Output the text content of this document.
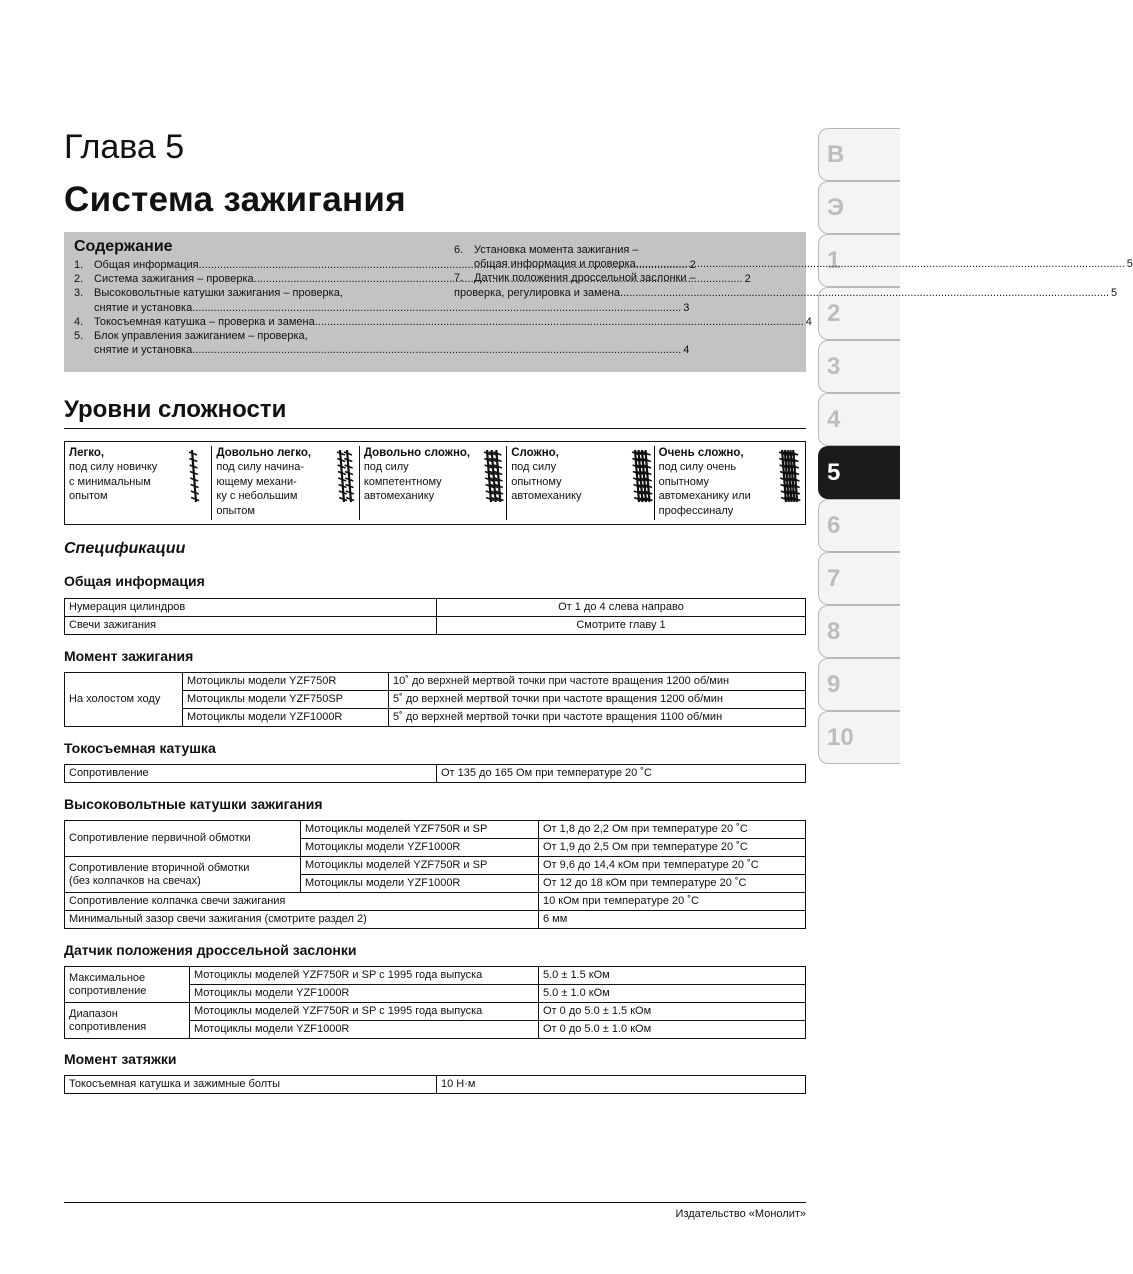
В
Э
1
2
3
4
5
6
7
8
9
10
Глава 5
Система зажигания
Содержание
1. Общая информация .....	2
2. Система зажигания – проверка .....	2
3. Высоковольтные катушки зажигания – проверка,
снятие и установка .....	3
4. Токосъемная катушка – проверка и замена .....	4
5. Блок управления зажиганием – проверка,
снятие и установка .....	4
6. Установка момента зажигания –
общая информация и проверка .....	5
7. Датчик положения дроссельной заслонки –
проверка, регулировка и замена .....	5
Уровни сложности
Легко,
под силу новичку
с минимальным
опытом
Довольно легко,
под силу начина-
ющему механи-
ку с небольшим
опытом
Довольно сложно,
под силу
компетентному
автомеханику
Сложно,
под силу
опытному
автомеханику
Очень сложно,
под силу очень
опытному
автомеханику или
профессиналу
Спецификации
Общая информация
Нумерация цилиндров	От 1 до 4 слева направо
Свечи зажигания	Смотрите главу 1
Момент зажигания
На холостом ходу	Мотоциклы модели YZF750R	10˚ до верхней мертвой точки при частоте вращения 1200 об/мин
	Мотоциклы модели YZF750SP	5˚ до верхней мертвой точки при частоте вращения 1200 об/мин
	Мотоциклы модели YZF1000R	5˚ до верхней мертвой точки при частоте вращения 1100 об/мин
Токосъемная катушка
Сопротивление	От 135 до 165 Ом при температуре 20 ˚С
Высоковольтные катушки зажигания
Сопротивление первичной обмотки	Мотоциклы моделей YZF750R и SP	От 1,8 до 2,2 Ом при температуре 20 ˚С
	Мотоциклы модели YZF1000R	От 1,9 до 2,5 Ом при температуре 20 ˚С
Сопротивление вторичной обмотки
(без колпачков на свечах)	Мотоциклы моделей YZF750R и SP	От 9,6 до 14,4 кОм при температуре 20 ˚С
	Мотоциклы модели YZF1000R	От 12 до 18 кОм при температуре 20 ˚С
Сопротивление колпачка свечи зажигания		10 кОм при температуре 20 ˚С
Минимальный зазор свечи зажигания (смотрите раздел 2)		6 мм
Датчик положения дроссельной заслонки
Максимальное
сопротивление	Мотоциклы моделей YZF750R и SP с 1995 года выпуска	5.0 ± 1.5 кОм
	Мотоциклы модели YZF1000R	5.0 ± 1.0 кОм
Диапазон
сопротивления	Мотоциклы моделей YZF750R и SP с 1995 года выпуска	От 0 до 5.0 ± 1.5 кОм
	Мотоциклы модели YZF1000R	От 0 до 5.0 ± 1.0 кОм
Момент затяжки
Токосъемная катушка и зажимные болты	10 Н·м
Издательство «Монолит»
